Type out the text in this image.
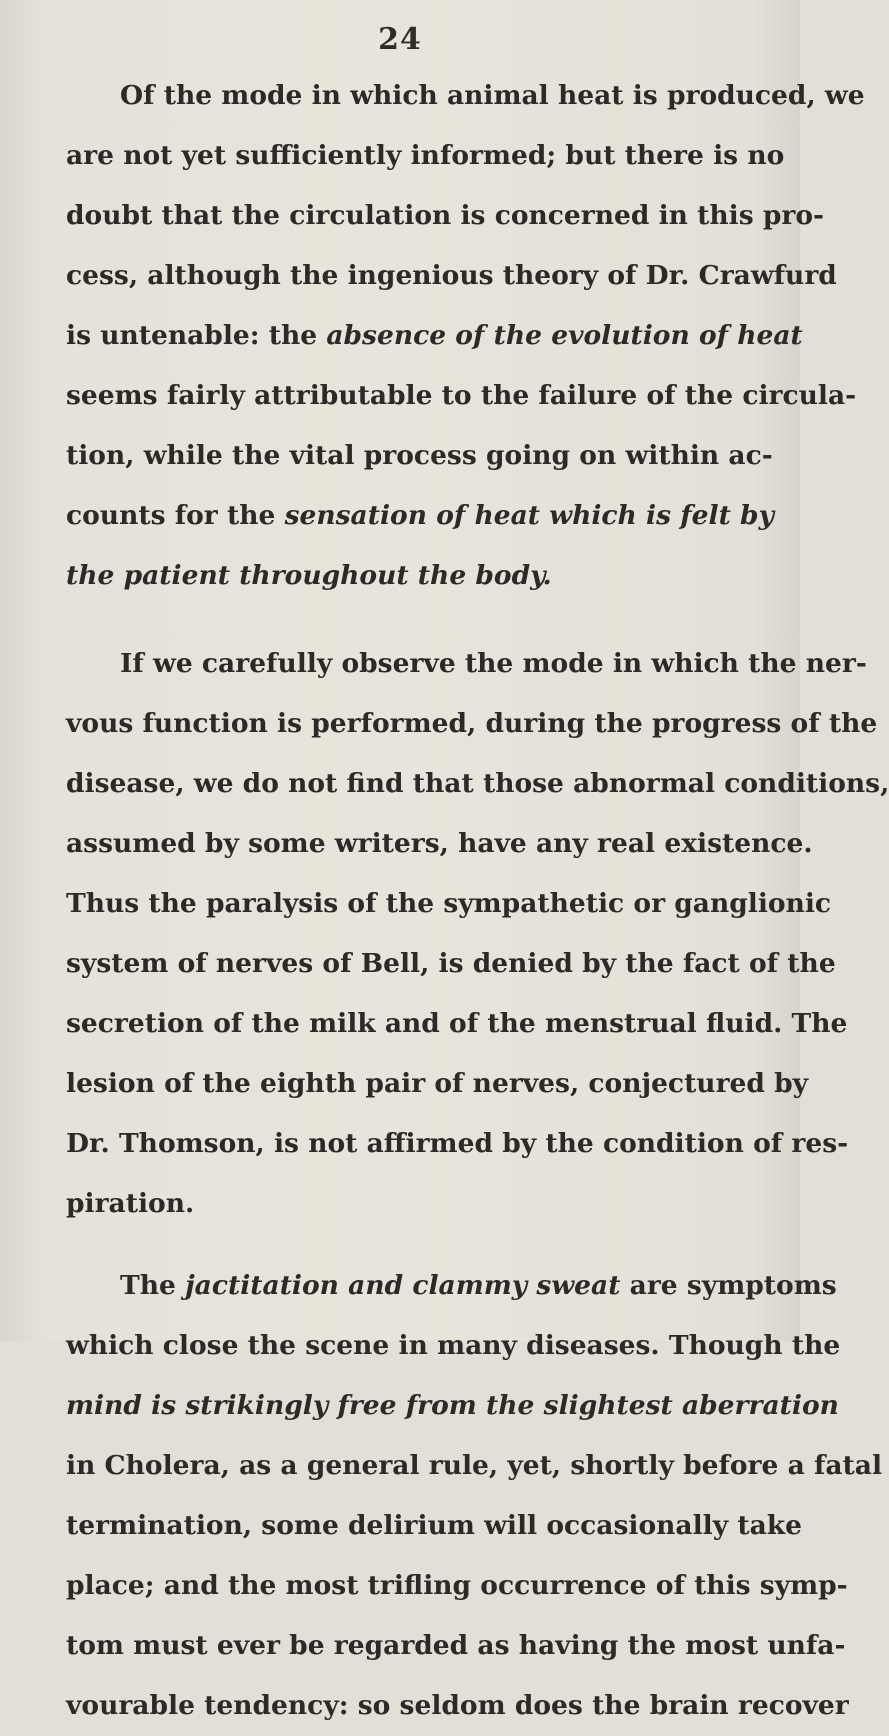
24
Of the mode in which animal heat is produced, we
are not yet sufficiently informed; but there is no
doubt that the circulation is concerned in this pro-
cess, although the ingenious theory of Dr. Crawfurd
is untenable: the absence of the evolution of heat
seems fairly attributable to the failure of the circula-
tion, while the vital process going on within ac-
counts for the sensation of heat which is felt by
the patient throughout the body.
If we carefully observe the mode in which the ner-
vous function is performed, during the progress of the
disease, we do not find that those abnormal conditions,
assumed by some writers, have any real existence.
Thus the paralysis of the sympathetic or ganglionic
system of nerves of Bell, is denied by the fact of the
secretion of the milk and of the menstrual fluid. The
lesion of the eighth pair of nerves, conjectured by
Dr. Thomson, is not affirmed by the condition of res-
piration.
The jactitation and clammy sweat are symptoms
which close the scene in many diseases. Though the
mind is strikingly free from the slightest aberration
in Cholera, as a general rule, yet, shortly before a fatal
termination, some delirium will occasionally take
place; and the most trifling occurrence of this symp-
tom must ever be regarded as having the most unfa-
vourable tendency: so seldom does the brain recover
